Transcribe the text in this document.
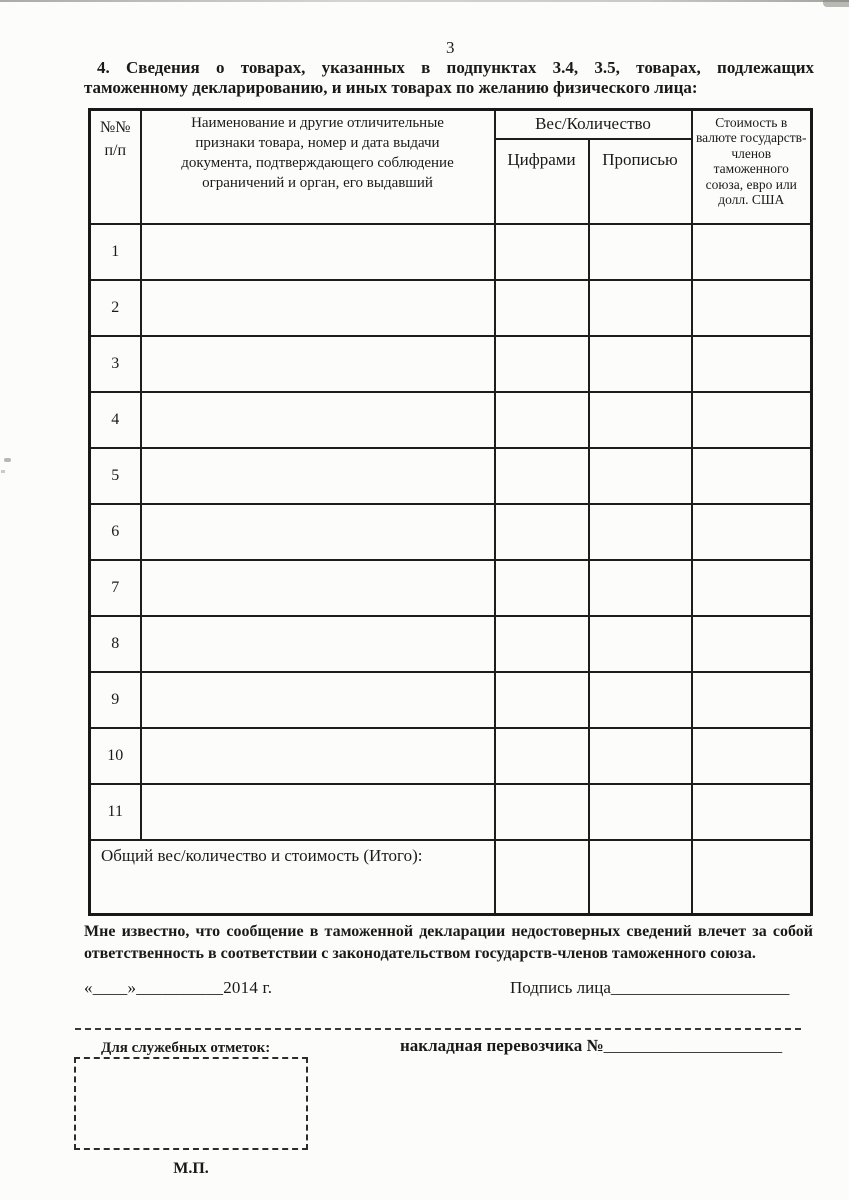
3
4. Сведения о товарах, указанных в подпунктах 3.4, 3.5, товарах, подлежащих
таможенному декларированию, и иных товарах по желанию физического лица:
№№
п/п	Наименование и другие отличительные признаки товара, номер и дата выдачи документа, подтверждающего соблюдение ограничений и орган, его выдавший	Вес/Количество		Стоимость в валюте государств-членов таможенного союза, евро или долл. США
		Цифрами	Прописью	
1				
2				
3				
4				
5				
6				
7				
8				
9				
10				
11				
Общий вес/количество и стоимость (Итого):				
Мне известно, что сообщение в таможенной декларации недостоверных сведений влечет за собой
ответственность в соответствии с законодательством государств-членов таможенного союза.
«____»__________2014 г.	Подпись лица_____________________
Для служебных отметок:	накладная перевозчика №_____________________
М.П.
